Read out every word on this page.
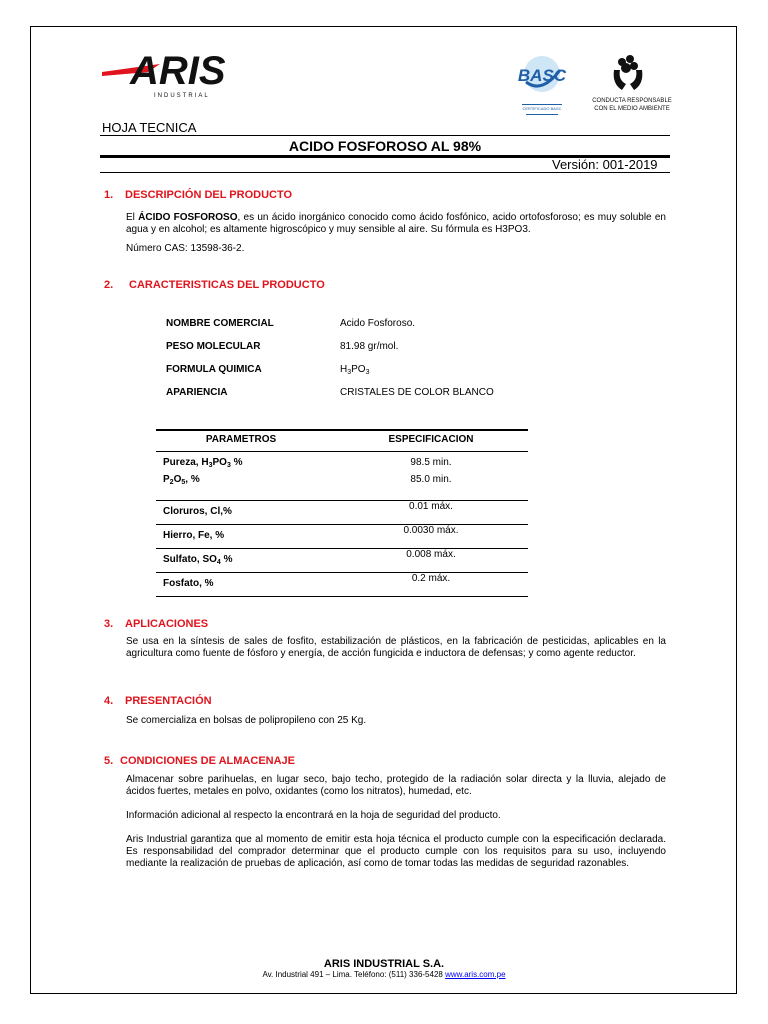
ARIS
INDUSTRIAL
BASC
CERTIFICADO BASC
CONDUCTA RESPONSABLE
CON EL MEDIO AMBIENTE
HOJA TECNICA
ACIDO FOSFOROSO AL 98%
Versión: 001-2019
1. DESCRIPCIÓN DEL PRODUCTO
El ÁCIDO FOSFOROSO, es un ácido inorgánico conocido como ácido fosfónico, acido ortofosforoso; es muy soluble en agua y en alcohol; es altamente higroscópico y muy sensible al aire. Su fórmula es H3PO3.
Número CAS: 13598-36-2.
2. CARACTERISTICAS DEL PRODUCTO
NOMBRE COMERCIAL	Acido Fosforoso.
PESO MOLECULAR	81.98 gr/mol.
FORMULA QUIMICA	$H_3PO_3$
APARIENCIA	CRISTALES DE COLOR BLANCO
PARAMETROS	ESPECIFICACION
Pureza, $H_3PO_3$ %	98.5 min.
$P_2O_5$, %	85.0 min.
Cloruros, Cl,%	0.01 máx.
Hierro, Fe, %	0.0030 máx.
Sulfato, $SO_4$ %	0.008 máx.
Fosfato, %	0.2 máx.
3. APLICACIONES
Se usa en la síntesis de sales de fosfito, estabilización de plásticos, en la fabricación de pesticidas, aplicables en la agricultura como fuente de fósforo y energía, de acción fungicida e inductora de defensas; y como agente reductor.
4. PRESENTACIÓN
Se comercializa en bolsas de polipropileno con 25 Kg.
5. CONDICIONES DE ALMACENAJE
Almacenar sobre parihuelas, en lugar seco, bajo techo, protegido de la radiación solar directa y la lluvia, alejado de ácidos fuertes, metales en polvo, oxidantes (como los nitratos), humedad, etc.
Información adicional al respecto la encontrará en la hoja de seguridad del producto.
Aris Industrial garantiza que al momento de emitir esta hoja técnica el producto cumple con la especificación declarada. Es responsabilidad del comprador determinar que el producto cumple con los requisitos para su uso, incluyendo mediante la realización de pruebas de aplicación, así como de tomar todas las medidas de seguridad razonables.
ARIS INDUSTRIAL S.A.
Av. Industrial 491 – Lima. Teléfono: (511) 336-5428 www.aris.com.pe
